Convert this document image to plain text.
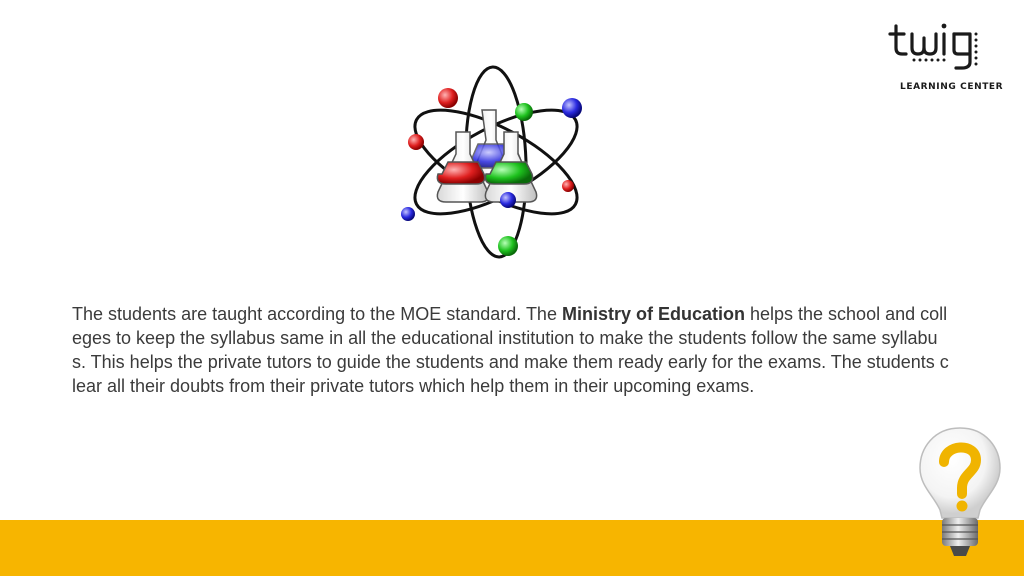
LEARNING CENTER
The students are taught according to the MOE standard. The Ministry of Education helps the school and colleges to keep the syllabus same in all the educational institution to make the students follow the same syllabus. This helps the private tutors to guide the students and make them ready early for the exams. The students clear all their doubts from their private tutors which help them in their upcoming exams.
